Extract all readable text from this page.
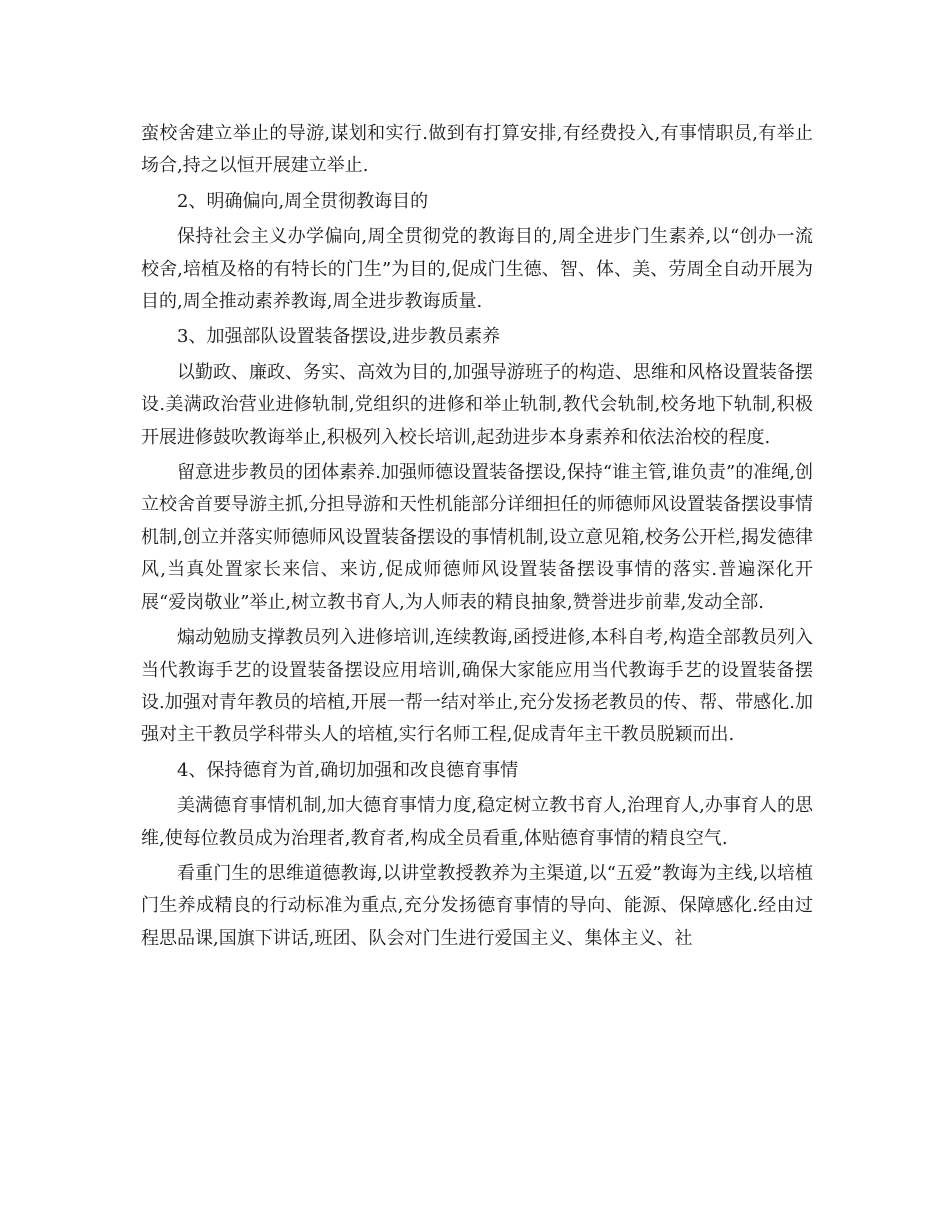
蛮校舍建立举止的导游,谋划和实行.做到有打算安排,有经费投入,有事情职员,有举止场合,持之以恒开展建立举止.

2、明确偏向,周全贯彻教诲目的

保持社会主义办学偏向,周全贯彻党的教诲目的,周全进步门生素养,以“创办一流校舍,培植及格的有特长的门生”为目的,促成门生德、智、体、美、劳周全自动开展为目的,周全推动素养教诲,周全进步教诲质量.

3、加强部队设置装备摆设,进步教员素养

以勤政、廉政、务实、高效为目的,加强导游班子的构造、思维和风格设置装备摆设.美满政治营业进修轨制,党组织的进修和举止轨制,教代会轨制,校务地下轨制,积极开展进修鼓吹教诲举止,积极列入校长培训,起劲进步本身素养和依法治校的程度.

留意进步教员的团体素养.加强师德设置装备摆设,保持“谁主管,谁负责”的准绳,创立校舍首要导游主抓,分担导游和天性机能部分详细担任的师德师风设置装备摆设事情机制,创立并落实师德师风设置装备摆设的事情机制,设立意见箱,校务公开栏,揭发德律风,当真处置家长来信、来访,促成师德师风设置装备摆设事情的落实.普遍深化开展“爱岗敬业”举止,树立教书育人,为人师表的精良抽象,赞誉进步前辈,发动全部.

煽动勉励支撑教员列入进修培训,连续教诲,函授进修,本科自考,构造全部教员列入当代教诲手艺的设置装备摆设应用培训,确保大家能应用当代教诲手艺的设置装备摆设.加强对青年教员的培植,开展一帮一结对举止,充分发扬老教员的传、帮、带感化.加强对主干教员学科带头人的培植,实行名师工程,促成青年主干教员脱颖而出.

4、保持德育为首,确切加强和改良德育事情

美满德育事情机制,加大德育事情力度,稳定树立教书育人,治理育人,办事育人的思维,使每位教员成为治理者,教育者,构成全员看重,体贴德育事情的精良空气.

看重门生的思维道德教诲,以讲堂教授教养为主渠道,以“五爱”教诲为主线,以培植门生养成精良的行动标准为重点,充分发扬德育事情的导向、能源、保障感化.经由过程思品课,国旗下讲话,班团、队会对门生进行爱国主义、集体主义、社
